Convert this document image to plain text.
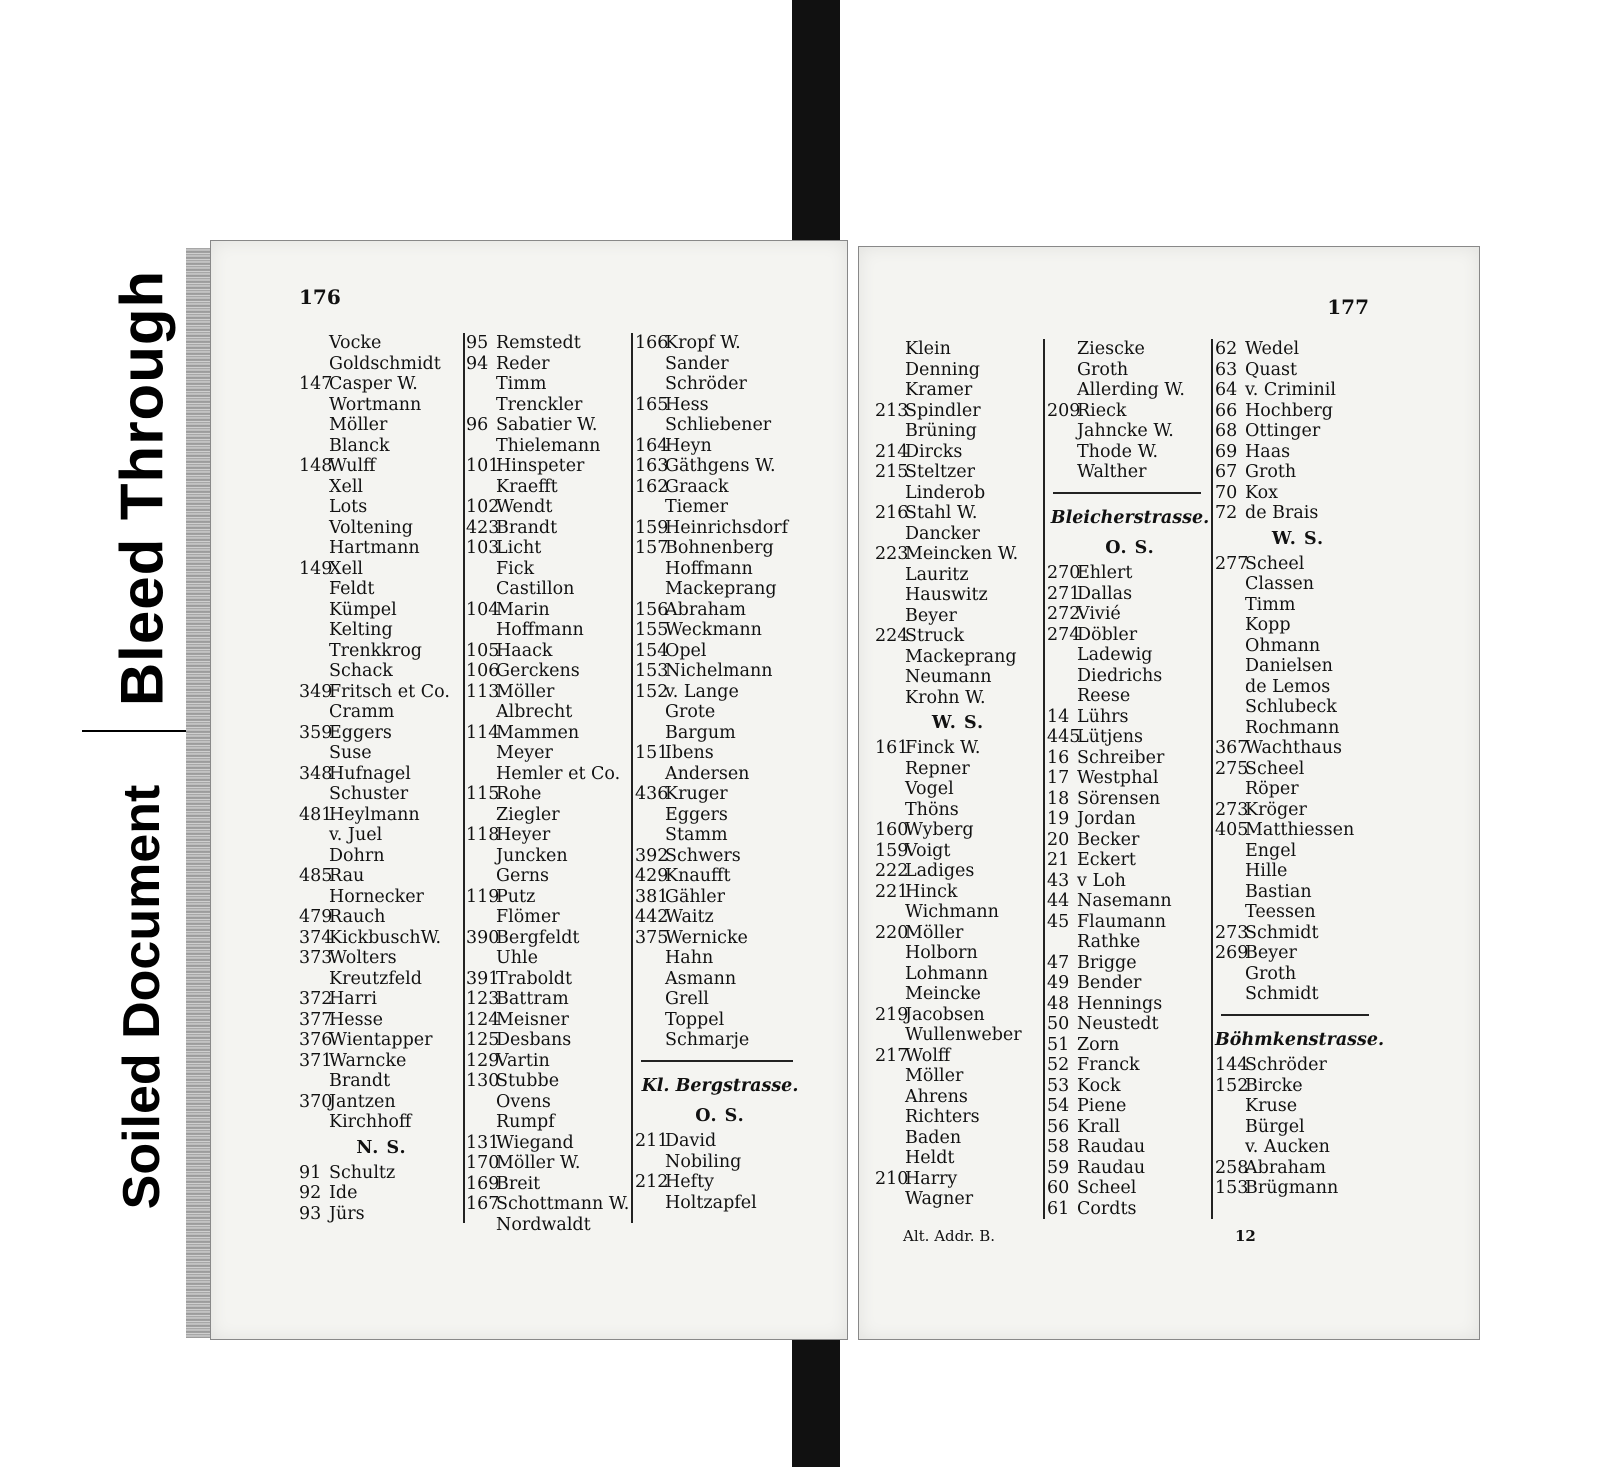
Bleed Through
Soiled Document
176
Vocke
Goldschmidt
147
Casper W.
Wortmann
Möller
Blanck
148
Wulff
Xell
Lots
Voltening
Hartmann
149
Xell
Feldt
Kümpel
Kelting
Trenkkrog
Schack
349
Fritsch et Co.
Cramm
359
Eggers
Suse
348
Hufnagel
Schuster
481
Heylmann
v. Juel
Dohrn
485
Rau
Hornecker
479
Rauch
374
KickbuschW.
373
Wolters
Kreutzfeld
372
Harri
377
Hesse
376
Wientapper
371
Warncke
Brandt
370
Jantzen
Kirchhoff
N. S.
91 Schultz
92 Ide
93 Jürs
95 Remstedt
94 Reder
Timm
Trenckler
96 Sabatier W.
Thielemann
101
Hinspeter
Kraefft
102
Wendt
423
Brandt
103
Licht
Fick
Castillon
104
Marin
Hoffmann
105
Haack
106
Gerckens
113
Möller
Albrecht
114
Mammen
Meyer
Hemler et Co.
115
Rohe
Ziegler
118
Heyer
Juncken
Gerns
119
Putz
Flömer
390
Bergfeldt
Uhle
391
Traboldt
123
Battram
124
Meisner
125
Desbans
129
Vartin
130
Stubbe
Ovens
Rumpf
131
Wiegand
170
Möller W.
169
Breit
167
Schottmann W.
Nordwaldt
166
Kropf W.
Sander
Schröder
165
Hess
Schliebener
164
Heyn
163
Gäthgens W.
162
Graack
Tiemer
159
Heinrichsdorf
157
Bohnenberg
Hoffmann
Mackeprang
156
Abraham
155
Weckmann
154
Opel
153
Nichelmann
152
v. Lange
Grote
Bargum
151
Ibens
Andersen
436
Kruger
Eggers
Stamm
392
Schwers
429
Knaufft
381
Gähler
442
Waitz
375
Wernicke
Hahn
Asmann
Grell
Toppel
Schmarje
Kl. Bergstrasse.
O. S.
211
David
Nobiling
212
Hefty
Holtzapfel
177
Klein
Denning
Kramer
213
Spindler
Brüning
214
Dircks
215
Steltzer
Linderob
216
Stahl W.
Dancker
223
Meincken W.
Lauritz
Hauswitz
Beyer
224
Struck
Mackeprang
Neumann
Krohn W.
W. S.
161
Finck W.
Repner
Vogel
Thöns
160
Wyberg
159
Voigt
222
Ladiges
221
Hinck
Wichmann
220
Möller
Holborn
Lohmann
Meincke
219
Jacobsen
Wullenweber
217
Wolff
Möller
Ahrens
Richters
Baden
Heldt
210
Harry
Wagner
Ziescke
Groth
Allerding W.
209
Rieck
Jahncke W.
Thode W.
Walther
Bleicherstrasse.
O. S.
270
Ehlert
271
Dallas
272
Vivié
274
Döbler
Ladewig
Diedrichs
Reese
14 Lührs
445
Lütjens
16 Schreiber
17 Westphal
18 Sörensen
19 Jordan
20 Becker
21 Eckert
43 v Loh
44 Nasemann
45 Flaumann
Rathke
47 Brigge
49 Bender
48 Hennings
50 Neustedt
51 Zorn
52 Franck
53 Kock
54 Piene
56 Krall
58 Raudau
59 Raudau
60 Scheel
61 Cordts
62 Wedel
63 Quast
64 v. Criminil
66 Hochberg
68 Ottinger
69 Haas
67 Groth
70 Kox
72 de Brais
W. S.
277
Scheel
Classen
Timm
Kopp
Ohmann
Danielsen
de Lemos
Schlubeck
Rochmann
367
Wachthaus
275
Scheel
Röper
273
Kröger
405
Matthiessen
Engel
Hille
Bastian
Teessen
273
Schmidt
269
Beyer
Groth
Schmidt
Böhmkenstrasse.
144
Schröder
152
Bircke
Kruse
Bürgel
v. Aucken
258
Abraham
153
Brügmann
Alt. Addr. B.	12
